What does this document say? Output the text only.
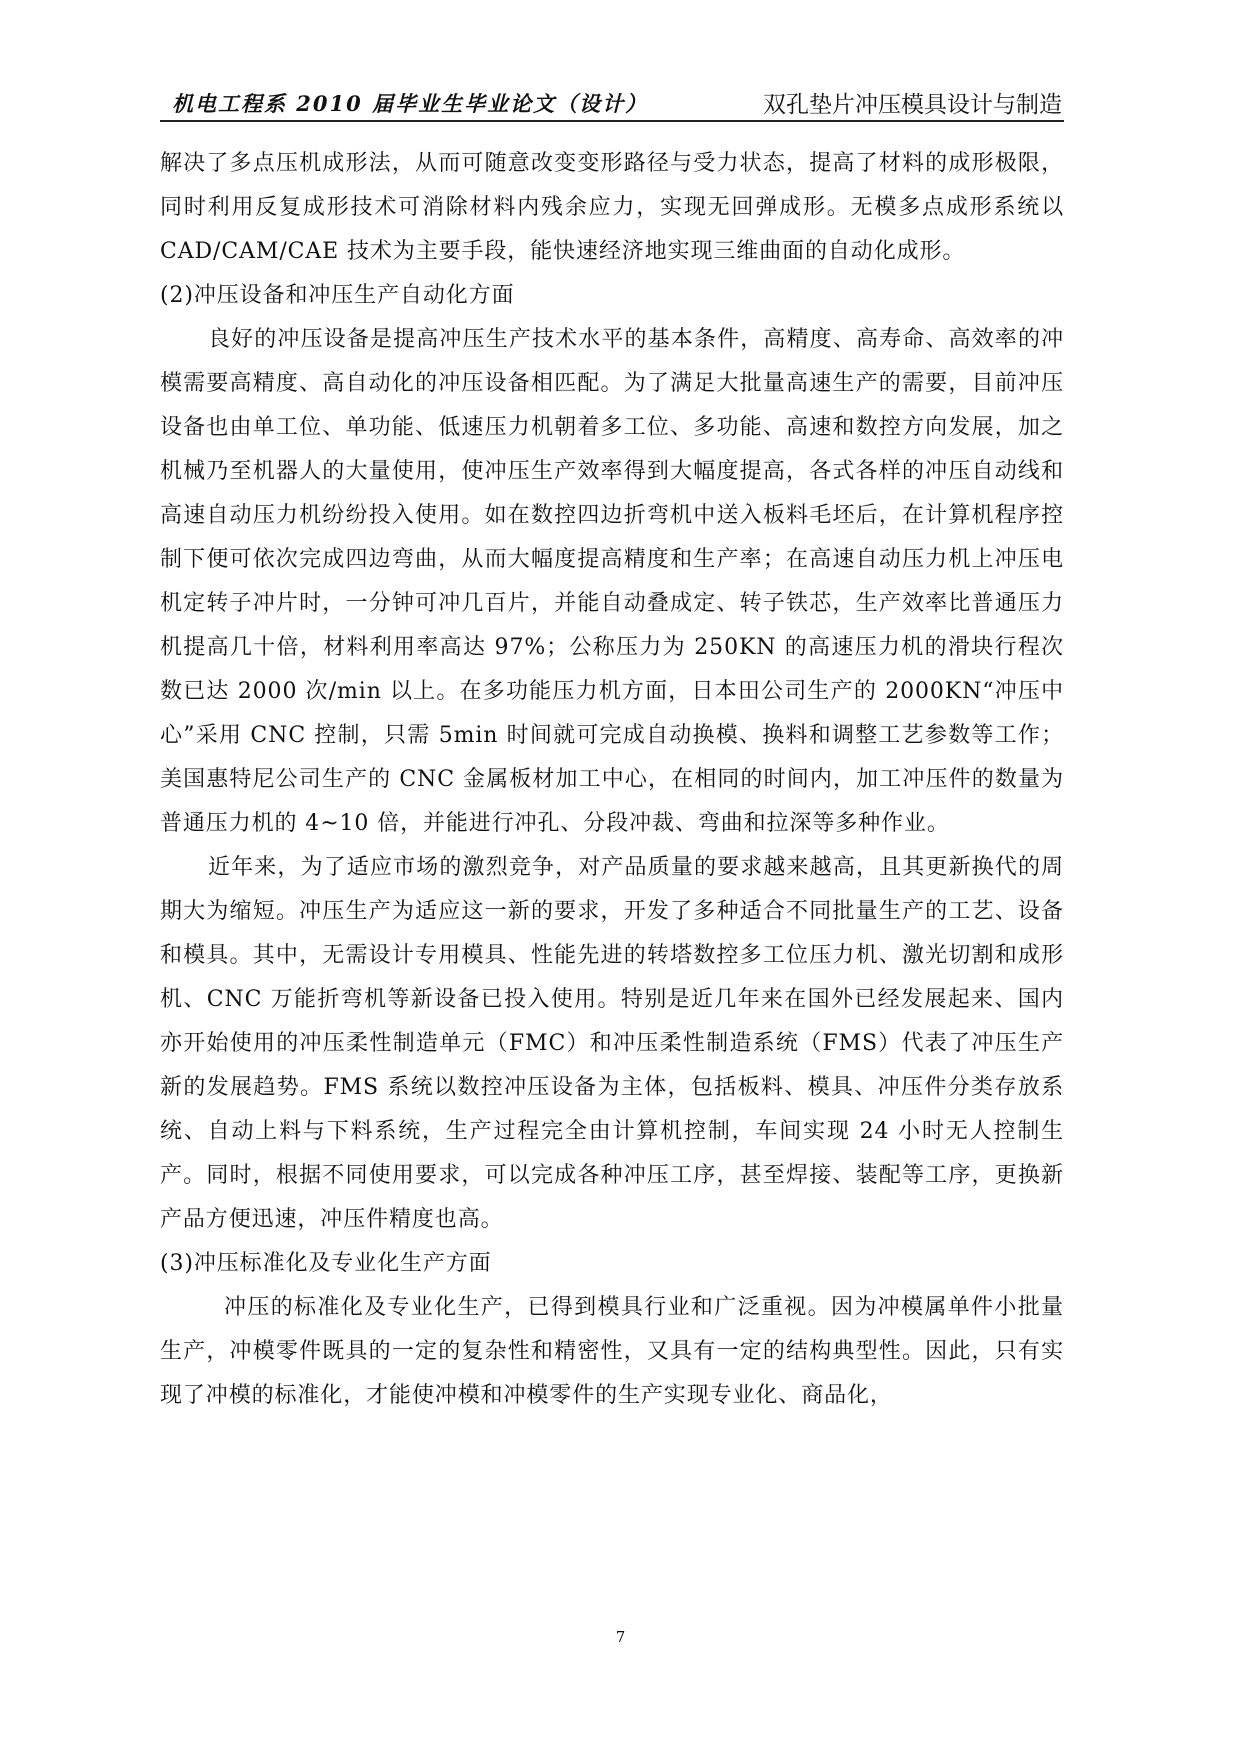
机电工程系 2010 届毕业生毕业论文（设计）	双孔垫片冲压模具设计与制造

解决了多点压机成形法，从而可随意改变变形路径与受力状态，提高了材料的成形极限，同时利用反复成形技术可消除材料内残余应力，实现无回弹成形。无模多点成形系统以 CAD/CAM/CAE 技术为主要手段，能快速经济地实现三维曲面的自动化成形。

(2)冲压设备和冲压生产自动化方面

良好的冲压设备是提高冲压生产技术水平的基本条件，高精度、高寿命、高效率的冲模需要高精度、高自动化的冲压设备相匹配。为了满足大批量高速生产的需要，目前冲压设备也由单工位、单功能、低速压力机朝着多工位、多功能、高速和数控方向发展，加之机械乃至机器人的大量使用，使冲压生产效率得到大幅度提高，各式各样的冲压自动线和高速自动压力机纷纷投入使用。如在数控四边折弯机中送入板料毛坯后，在计算机程序控制下便可依次完成四边弯曲，从而大幅度提高精度和生产率；在高速自动压力机上冲压电机定转子冲片时，一分钟可冲几百片，并能自动叠成定、转子铁芯，生产效率比普通压力机提高几十倍，材料利用率高达 97%；公称压力为 250KN 的高速压力机的滑块行程次数已达 2000 次/min 以上。在多功能压力机方面，日本田公司生产的 2000KN“冲压中心”采用 CNC 控制，只需 5min 时间就可完成自动换模、换料和调整工艺参数等工作；美国惠特尼公司生产的 CNC 金属板材加工中心，在相同的时间内，加工冲压件的数量为普通压力机的 4~10 倍，并能进行冲孔、分段冲裁、弯曲和拉深等多种作业。

近年来，为了适应市场的激烈竞争，对产品质量的要求越来越高，且其更新换代的周期大为缩短。冲压生产为适应这一新的要求，开发了多种适合不同批量生产的工艺、设备和模具。其中，无需设计专用模具、性能先进的转塔数控多工位压力机、激光切割和成形机、CNC 万能折弯机等新设备已投入使用。特别是近几年来在国外已经发展起来、国内亦开始使用的冲压柔性制造单元（FMC）和冲压柔性制造系统（FMS）代表了冲压生产新的发展趋势。FMS 系统以数控冲压设备为主体，包括板料、模具、冲压件分类存放系统、自动上料与下料系统，生产过程完全由计算机控制，车间实现 24 小时无人控制生产。同时，根据不同使用要求，可以完成各种冲压工序，甚至焊接、装配等工序，更换新产品方便迅速，冲压件精度也高。

(3)冲压标准化及专业化生产方面

冲压的标准化及专业化生产，已得到模具行业和广泛重视。因为冲模属单件小批量生产，冲模零件既具的一定的复杂性和精密性，又具有一定的结构典型性。因此，只有实现了冲模的标准化，才能使冲模和冲模零件的生产实现专业化、商品化，

7
